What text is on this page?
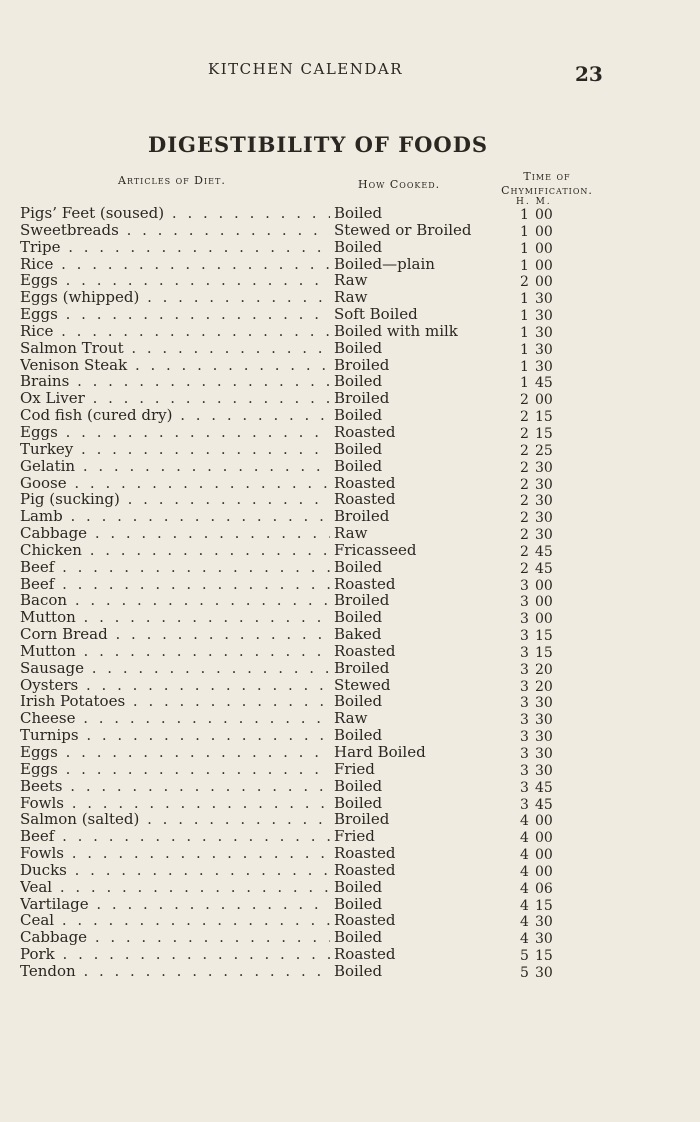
KITCHEN CALENDAR	23
DIGESTIBILITY OF FOODS
Articles of Diet.	How Cooked.
Time of
Chymification.
H. M.
Pigs’ Feet (soused) . . .	Boiled	1 00
Sweetbreads . . .	Stewed or Broiled	1 00
Tripe . . .	Boiled	1 00
Rice . . .	Boiled—plain	1 00
Eggs . . .	Raw	2 00
Eggs (whipped) . . .	Raw	1 30
Eggs . . .	Soft Boiled	1 30
Rice . . .	Boiled with milk	1 30
Salmon Trout . . .	Boiled	1 30
Venison Steak . . .	Broiled	1 30
Brains . . .	Boiled	1 45
Ox Liver . . .	Broiled	2 00
Cod fish (cured dry) . . .	Boiled	2 15
Eggs . . .	Roasted	2 15
Turkey . . .	Boiled	2 25
Gelatin . . .	Boiled	2 30
Goose . . .	Roasted	2 30
Pig (sucking) . . .	Roasted	2 30
Lamb . . .	Broiled	2 30
Cabbage . . .	Raw	2 30
Chicken . . .	Fricasseed	2 45
Beef . . .	Boiled	2 45
Beef . . .	Roasted	3 00
Bacon . . .	Broiled	3 00
Mutton . . .	Boiled	3 00
Corn Bread . . .	Baked	3 15
Mutton . . .	Roasted	3 15
Sausage . . .	Broiled	3 20
Oysters . . .	Stewed	3 20
Irish Potatoes . . .	Boiled	3 30
Cheese . . .	Raw	3 30
Turnips . . .	Boiled	3 30
Eggs . . .	Hard Boiled	3 30
Eggs . . .	Fried	3 30
Beets . . .	Boiled	3 45
Fowls . . .	Boiled	3 45
Salmon (salted) . . .	Broiled	4 00
Beef . . .	Fried	4 00
Fowls . . .	Roasted	4 00
Ducks . . .	Roasted	4 00
Veal . . .	Boiled	4 06
Vartilage . . .	Boiled	4 15
Ceal . . .	Roasted	4 30
Cabbage . . .	Boiled	4 30
Pork . . .	Roasted	5 15
Tendon . . .	Boiled	5 30
